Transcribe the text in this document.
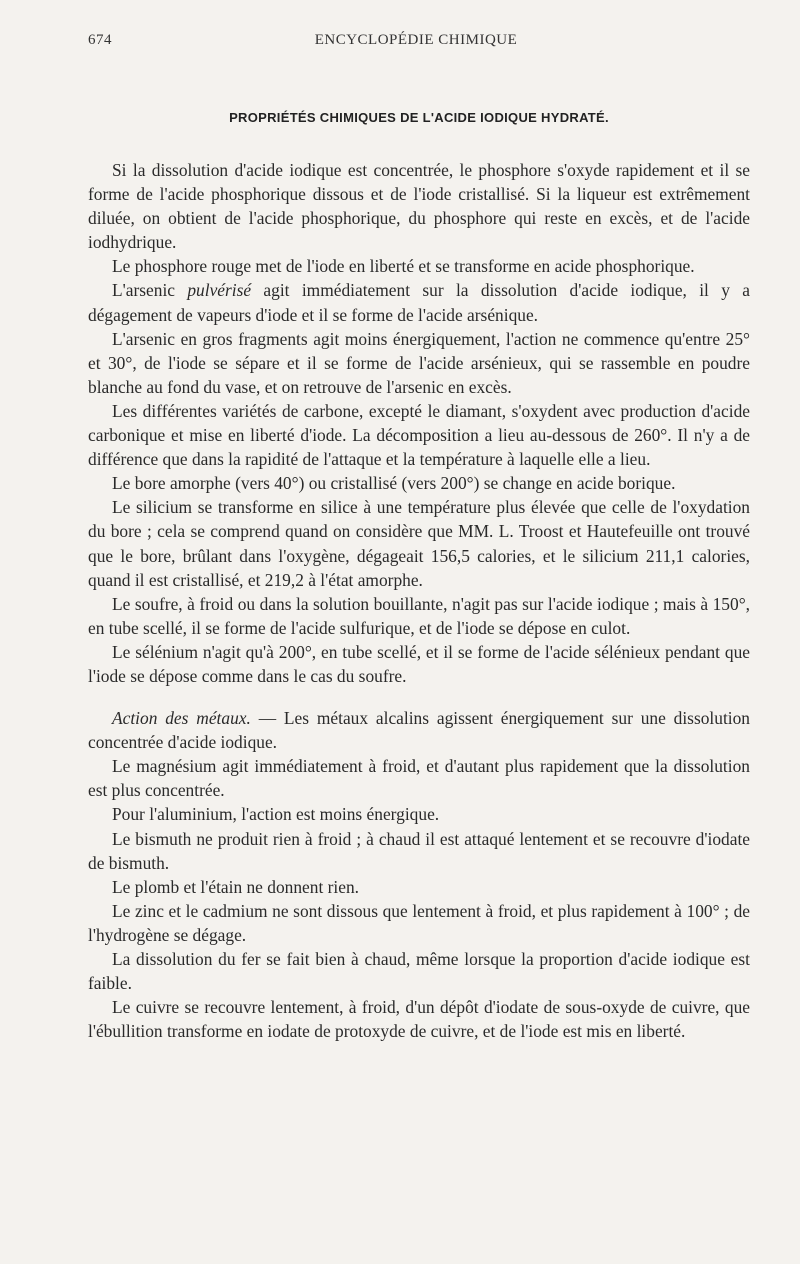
674	ENCYCLOPÉDIE CHIMIQUE
PROPRIÉTÉS CHIMIQUES DE L'ACIDE IODIQUE HYDRATÉ.

Si la dissolution d'acide iodique est concentrée, le phosphore s'oxyde rapidement et il se forme de l'acide phosphorique dissous et de l'iode cristallisé. Si la liqueur est extrêmement diluée, on obtient de l'acide phosphorique, du phosphore qui reste en excès, et de l'acide iodhydrique.

Le phosphore rouge met de l'iode en liberté et se transforme en acide phosphorique.

L'arsenic pulvérisé agit immédiatement sur la dissolution d'acide iodique, il y a dégagement de vapeurs d'iode et il se forme de l'acide arsénique.

L'arsenic en gros fragments agit moins énergiquement, l'action ne commence qu'entre 25° et 30°, de l'iode se sépare et il se forme de l'acide arsénieux, qui se rassemble en poudre blanche au fond du vase, et on retrouve de l'arsenic en excès.

Les différentes variétés de carbone, excepté le diamant, s'oxydent avec production d'acide carbonique et mise en liberté d'iode. La décomposition a lieu au-dessous de 260°. Il n'y a de différence que dans la rapidité de l'attaque et la température à laquelle elle a lieu.

Le bore amorphe (vers 40°) ou cristallisé (vers 200°) se change en acide borique.

Le silicium se transforme en silice à une température plus élevée que celle de l'oxydation du bore ; cela se comprend quand on considère que MM. L. Troost et Hautefeuille ont trouvé que le bore, brûlant dans l'oxygène, dégageait 156,5 calories, et le silicium 211,1 calories, quand il est cristallisé, et 219,2 à l'état amorphe.

Le soufre, à froid ou dans la solution bouillante, n'agit pas sur l'acide iodique ; mais à 150°, en tube scellé, il se forme de l'acide sulfurique, et de l'iode se dépose en culot.

Le sélénium n'agit qu'à 200°, en tube scellé, et il se forme de l'acide sélénieux pendant que l'iode se dépose comme dans le cas du soufre.

Action des métaux. — Les métaux alcalins agissent énergiquement sur une dissolution concentrée d'acide iodique.

Le magnésium agit immédiatement à froid, et d'autant plus rapidement que la dissolution est plus concentrée.

Pour l'aluminium, l'action est moins énergique.

Le bismuth ne produit rien à froid ; à chaud il est attaqué lentement et se recouvre d'iodate de bismuth.

Le plomb et l'étain ne donnent rien.

Le zinc et le cadmium ne sont dissous que lentement à froid, et plus rapidement à 100° ; de l'hydrogène se dégage.

La dissolution du fer se fait bien à chaud, même lorsque la proportion d'acide iodique est faible.

Le cuivre se recouvre lentement, à froid, d'un dépôt d'iodate de sous-oxyde de cuivre, que l'ébullition transforme en iodate de protoxyde de cuivre, et de l'iode est mis en liberté.
